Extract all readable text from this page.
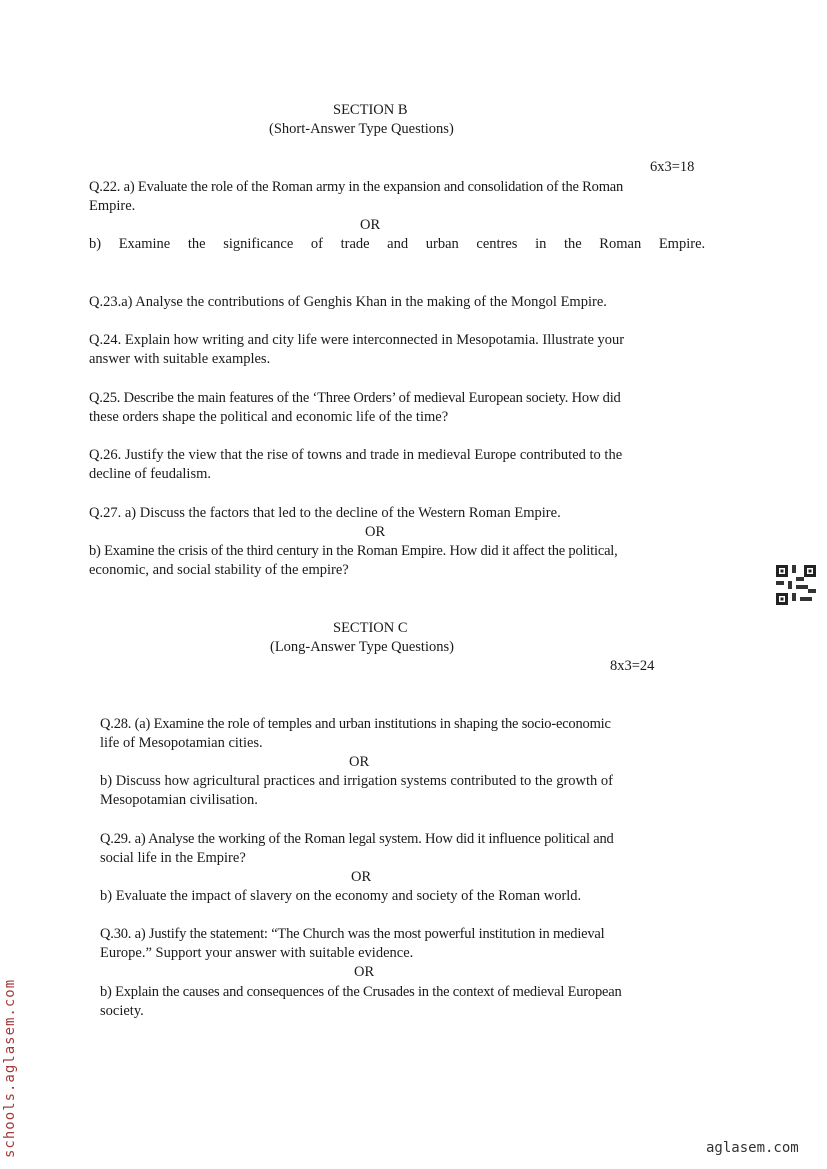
SECTION B
(Short-Answer Type Questions)
6x3=18
Q.22. a) Evaluate the role of the Roman army in the expansion and consolidation of the Roman
Empire.
OR
b) Examine the significance of trade and urban centres in the Roman Empire.
Q.23.a) Analyse the contributions of Genghis Khan in the making of the Mongol Empire.
Q.24. Explain how writing and city life were interconnected in Mesopotamia. Illustrate your
answer with suitable examples.
Q.25. Describe the main features of the ‘Three Orders’ of medieval European society. How did
these orders shape the political and economic life of the time?
Q.26. Justify the view that the rise of towns and trade in medieval Europe contributed to the
decline of feudalism.
Q.27. a) Discuss the factors that led to the decline of the Western Roman Empire.
OR
b) Examine the crisis of the third century in the Roman Empire. How did it affect the political,
economic, and social stability of the empire?
SECTION C
(Long-Answer Type Questions)
8x3=24
Q.28. (a) Examine the role of temples and urban institutions in shaping the socio-economic
life of Mesopotamian cities.
OR
b) Discuss how agricultural practices and irrigation systems contributed to the growth of
Mesopotamian civilisation.
Q.29. a) Analyse the working of the Roman legal system. How did it influence political and
social life in the Empire?
OR
b) Evaluate the impact of slavery on the economy and society of the Roman world.
Q.30. a) Justify the statement: “The Church was the most powerful institution in medieval
Europe.” Support your answer with suitable evidence.
OR
b) Explain the causes and consequences of the Crusades in the context of medieval European
society.
schools.aglasem.com	aglasem.com
